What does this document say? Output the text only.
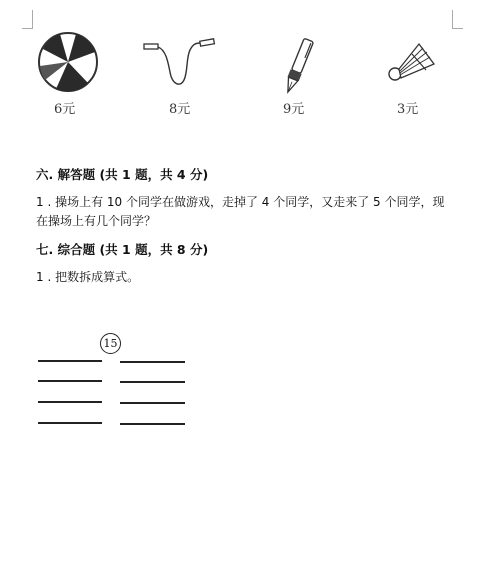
6元	8元	9元	3元
六. 解答题 (共 1 题，共 4 分)
1 . 操场上有 10 个同学在做游戏，走掉了 4 个同学，又走来了 5 个同学，现在操场上有几个同学？
七. 综合题 (共 1 题，共 8 分)
1 . 把数拆成算式。
15
